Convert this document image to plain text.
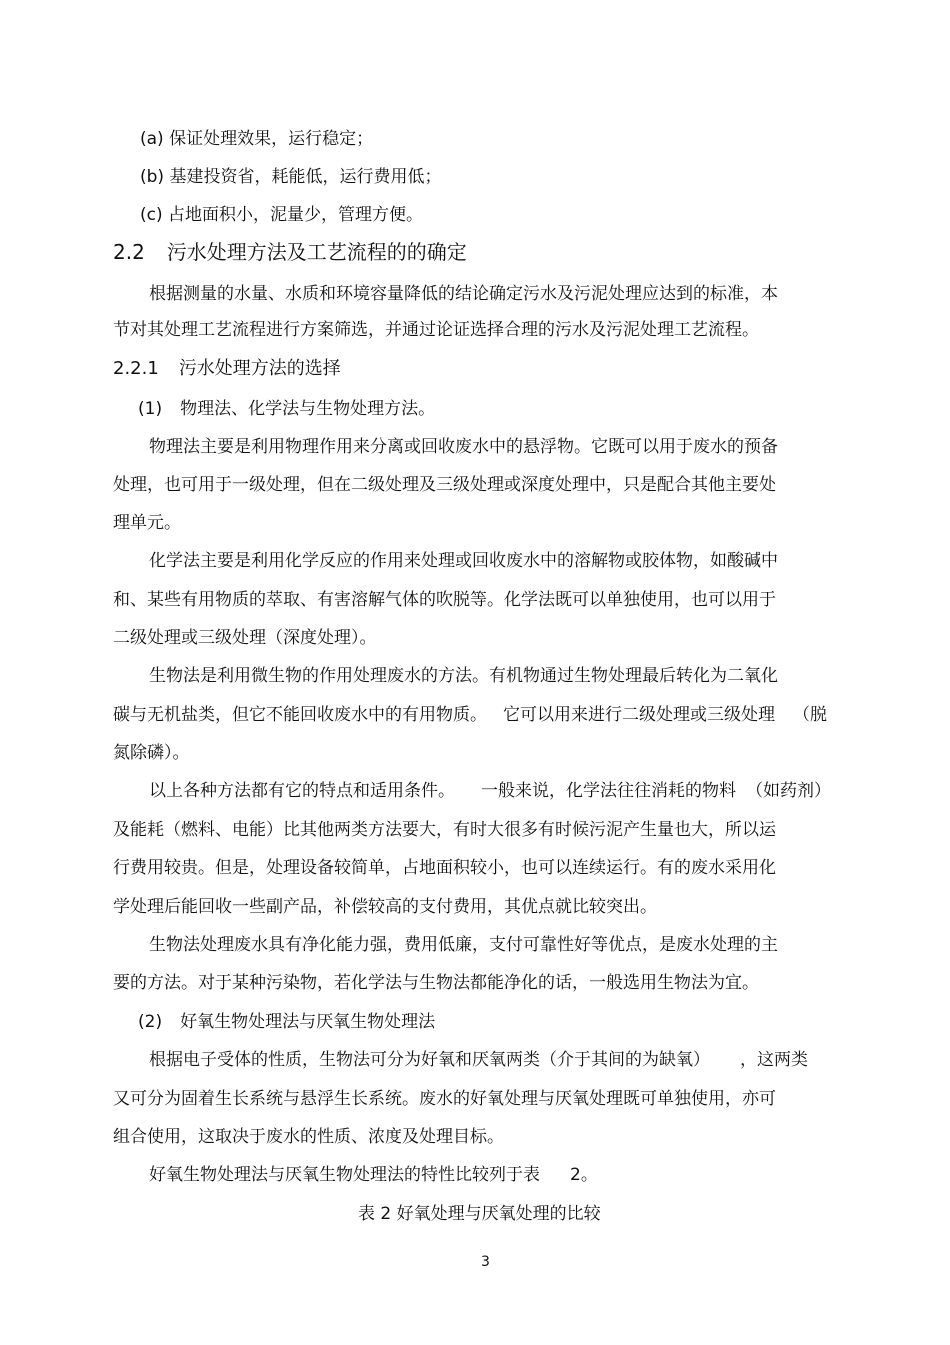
(a) 保证处理效果，运行稳定；
(b) 基建投资省，耗能低，运行费用低；
(c) 占地面积小，泥量少，管理方便。
2.2 污水处理方法及工艺流程的的确定
根据测量的水量、水质和环境容量降低的结论确定污水及污泥处理应达到的标准，本
节对其处理工艺流程进行方案筛选，并通过论证选择合理的污水及污泥处理工艺流程。
2.2.1 污水处理方法的选择
(1) 物理法、化学法与生物处理方法。
物理法主要是利用物理作用来分离或回收废水中的悬浮物。它既可以用于废水的预备
处理，也可用于一级处理，但在二级处理及三级处理或深度处理中，只是配合其他主要处
理单元。
化学法主要是利用化学反应的作用来处理或回收废水中的溶解物或胶体物，如酸碱中
和、某些有用物质的萃取、有害溶解气体的吹脱等。化学法既可以单独使用，也可以用于
二级处理或三级处理（深度处理）。
生物法是利用微生物的作用处理废水的方法。有机物通过生物处理最后转化为二氧化
碳与无机盐类，但它不能回收废水中的有用物质。 它可以用来进行二级处理或三级处理 （脱
氮除磷）。
以上各种方法都有它的特点和适用条件。 一般来说，化学法往往消耗的物料 （如药剂）
及能耗（燃料、电能）比其他两类方法要大，有时大很多有时候污泥产生量也大，所以运
行费用较贵。但是，处理设备较简单，占地面积较小，也可以连续运行。有的废水采用化
学处理后能回收一些副产品，补偿较高的支付费用，其优点就比较突出。
生物法处理废水具有净化能力强，费用低廉，支付可靠性好等优点，是废水处理的主
要的方法。对于某种污染物，若化学法与生物法都能净化的话，一般选用生物法为宜。
(2) 好氧生物处理法与厌氧生物处理法
根据电子受体的性质，生物法可分为好氧和厌氧两类（介于其间的为缺氧） ，这两类
又可分为固着生长系统与悬浮生长系统。废水的好氧处理与厌氧处理既可单独使用，亦可
组合使用，这取决于废水的性质、浓度及处理目标。
好氧生物处理法与厌氧生物处理法的特性比较列于表 2。
表 2 好氧处理与厌氧处理的比较
3
